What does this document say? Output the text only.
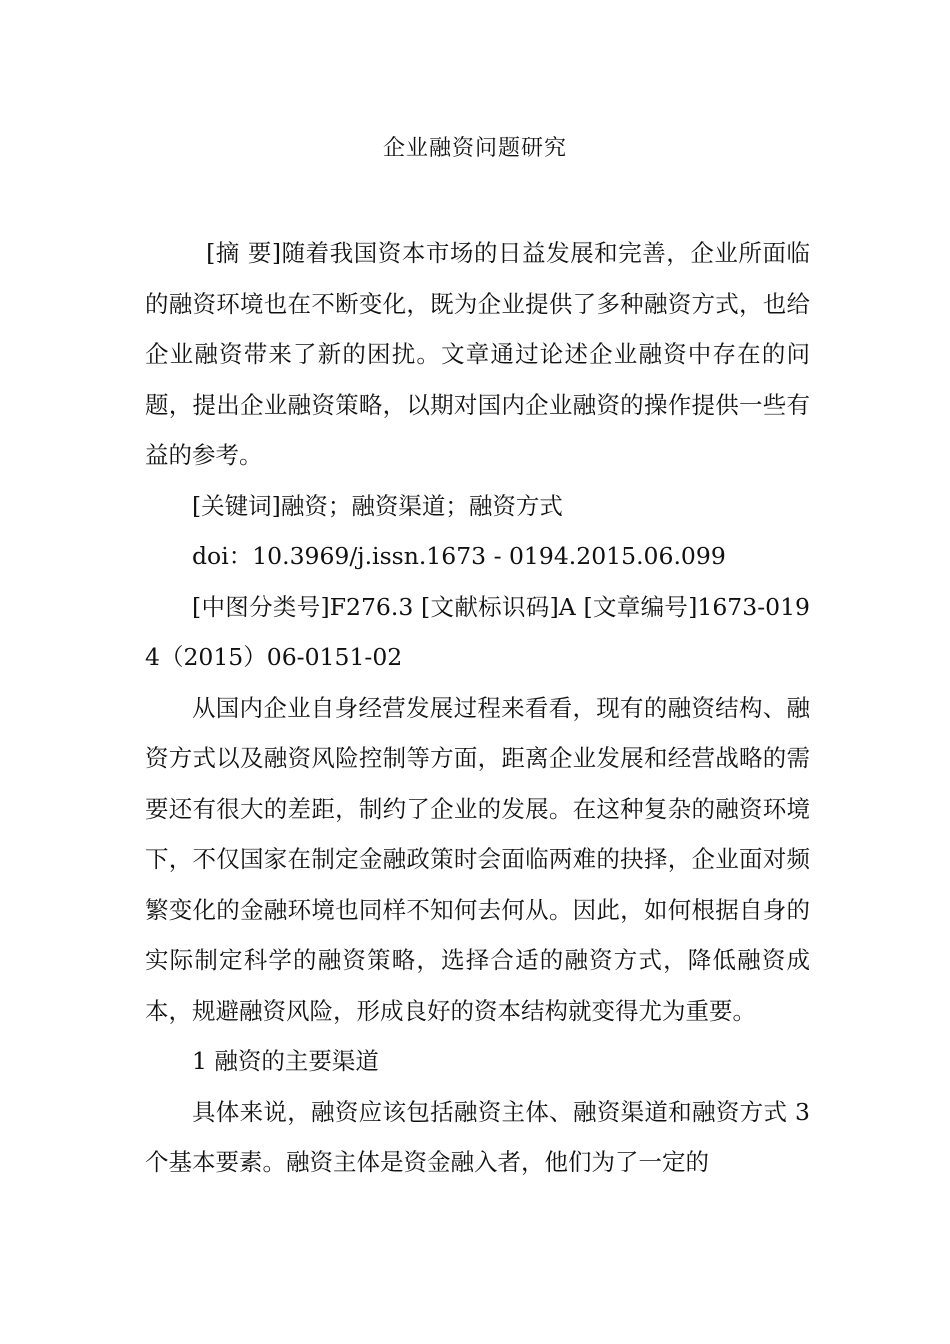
企业融资问题研究

[摘 要]随着我国资本市场的日益发展和完善，企业所面临的融资环境也在不断变化，既为企业提供了多种融资方式，也给企业融资带来了新的困扰。文章通过论述企业融资中存在的问题，提出企业融资策略，以期对国内企业融资的操作提供一些有益的参考。

[关键词]融资；融资渠道；融资方式

doi：10.3969/j.issn.1673 - 0194.2015.06.099

[中图分类号]F276.3 [文献标识码]A [文章编号]1673-0194（2015）06-0151-02

从国内企业自身经营发展过程来看看，现有的融资结构、融资方式以及融资风险控制等方面，距离企业发展和经营战略的需要还有很大的差距，制约了企业的发展。在这种复杂的融资环境下，不仅国家在制定金融政策时会面临两难的抉择，企业面对频繁变化的金融环境也同样不知何去何从。因此，如何根据自身的实际制定科学的融资策略，选择合适的融资方式，降低融资成本，规避融资风险，形成良好的资本结构就变得尤为重要。

1 融资的主要渠道

具体来说，融资应该包括融资主体、融资渠道和融资方式 3 个基本要素。融资主体是资金融入者，他们为了一定的
